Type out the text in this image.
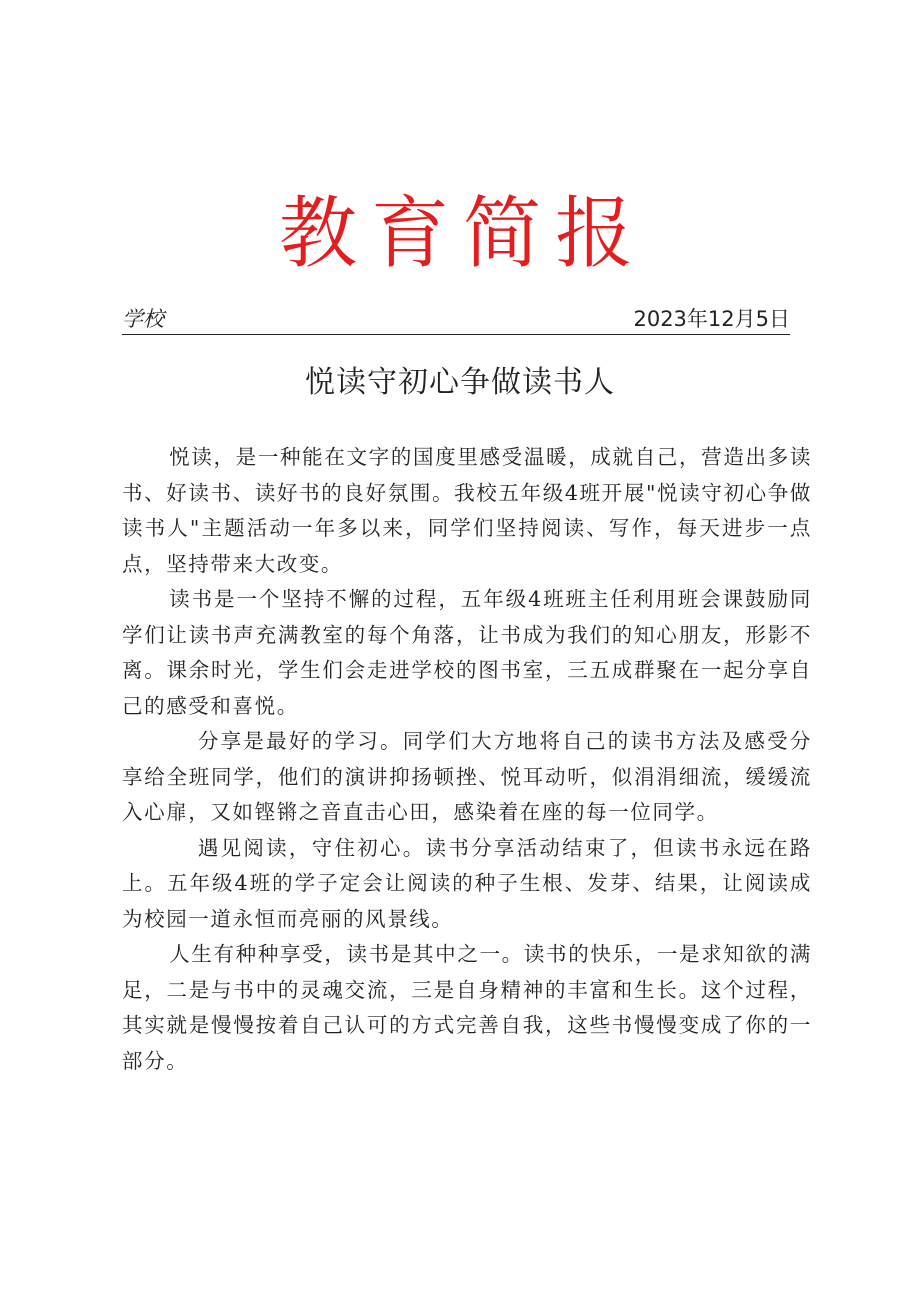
教育简报
学校	2023年12月5日
悦读守初心争做读书人

悦读，是一种能在文字的国度里感受温暖，成就自己，营造出多读书、好读书、读好书的良好氛围。我校五年级4班开展"悦读守初心争做读书人"主题活动一年多以来，同学们坚持阅读、写作，每天进步一点点，坚持带来大改变。

读书是一个坚持不懈的过程，五年级4班班主任利用班会课鼓励同学们让读书声充满教室的每个角落，让书成为我们的知心朋友，形影不离。课余时光，学生们会走进学校的图书室，三五成群聚在一起分享自己的感受和喜悦。

分享是最好的学习。同学们大方地将自己的读书方法及感受分享给全班同学，他们的演讲抑扬顿挫、悦耳动听，似涓涓细流，缓缓流入心扉，又如铿锵之音直击心田，感染着在座的每一位同学。

遇见阅读，守住初心。读书分享活动结束了，但读书永远在路上。五年级4班的学子定会让阅读的种子生根、发芽、结果，让阅读成为校园一道永恒而亮丽的风景线。

人生有种种享受，读书是其中之一。读书的快乐，一是求知欲的满足，二是与书中的灵魂交流，三是自身精神的丰富和生长。这个过程，其实就是慢慢按着自己认可的方式完善自我，这些书慢慢变成了你的一部分。
